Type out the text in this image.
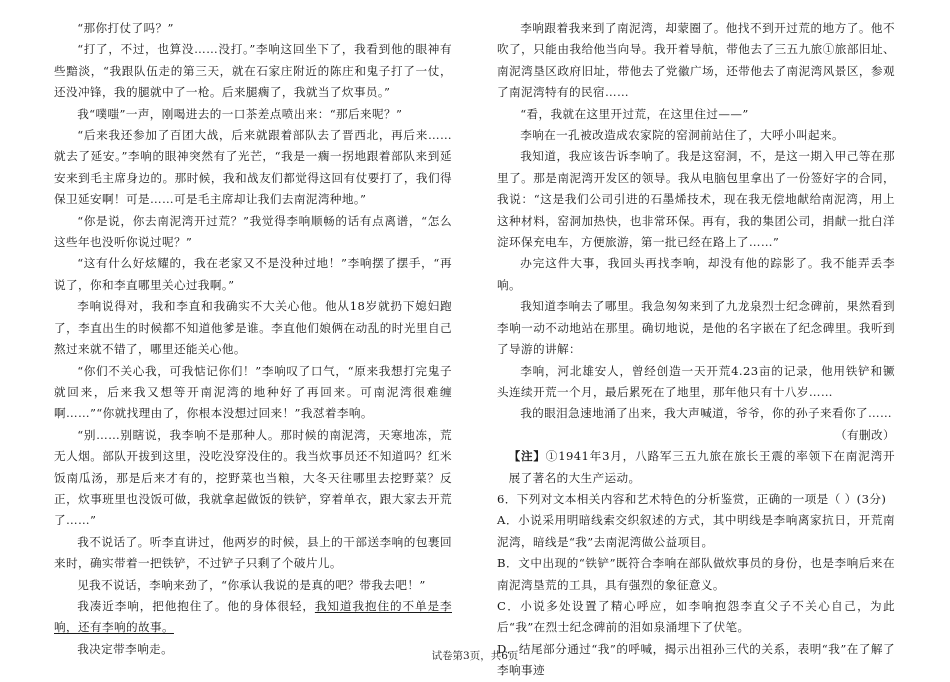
“那你打仗了吗？”

“打了，不过，也算没……没打。”李响这回坐下了，我看到他的眼神有些黯淡，“我跟队伍走的第三天，就在石家庄附近的陈庄和鬼子打了一仗，还没冲锋，我的腿就中了一枪。后来腿瘸了，我就当了炊事员。”

我“噗嗤”一声，刚喝进去的一口茶差点喷出来：“那后来呢？”

“后来我还参加了百团大战，后来就跟着部队去了晋西北，再后来……就去了延安。”李响的眼神突然有了光芒，“我是一瘸一拐地跟着部队来到延安来到毛主席身边的。那时候，我和战友们都觉得这回有仗要打了，我们得保卫延安啊！可是……可是毛主席却让我们去南泥湾种地。”

“你是说，你去南泥湾开过荒？”我觉得李响顺畅的话有点离谱，“怎么这些年也没听你说过呢？”

“这有什么好炫耀的，我在老家又不是没种过地！”李响摆了摆手，“再说了，你和李直哪里关心过我啊。”

李响说得对，我和李直和我确实不大关心他。他从18岁就扔下媳妇跑了，李直出生的时候都不知道他爹是谁。李直他们娘俩在动乱的时光里自己熬过来就不错了，哪里还能关心他。

“你们不关心我，可我惦记你们！”李响叹了口气，“原来我想打完鬼子就回来，后来我又想等开南泥湾的地种好了再回来。可南泥湾很难缠啊……”“你就找理由了，你根本没想过回来！”我怼着李响。

“别……别瞎说，我李响不是那种人。那时候的南泥湾，天寒地冻，荒无人烟。部队开拔到这里，没吃没穿没住的。我当炊事员还不知道吗？红米饭南瓜汤，那是后来才有的，挖野菜也当粮，大冬天往哪里去挖野菜？反正，炊事班里也没饭可做，我就拿起做饭的铁铲，穿着单衣，跟大家去开荒了……”

我不说话了。听李直讲过，他两岁的时候，县上的干部送李响的包裹回来时，确实带着一把铁铲，不过铲子只剩了个破片儿。

见我不说话，李响来劲了，“你承认我说的是真的吧？带我去吧！”

我凑近李响，把他抱住了。他的身体很轻，我知道我抱住的不单是李响，还有李响的故事。

我决定带李响走。

李响跟着我来到了南泥湾，却蒙圈了。他找不到开过荒的地方了。他不吹了，只能由我给他当向导。我开着导航，带他去了三五九旅①旅部旧址、南泥湾垦区政府旧址，带他去了党徽广场，还带他去了南泥湾风景区，参观了南泥湾特有的民宿……

“看，我就在这里开过荒，在这里住过——”

李响在一孔被改造成农家院的窑洞前站住了，大呼小叫起来。

我知道，我应该告诉李响了。我是这窑洞，不，是这一期入甲己等在那里了。那是南泥湾开发区的领导。我从电脑包里拿出了一份签好字的合同，我说：“这是我们公司引进的石墨烯技术，现在我无偿地献给南泥湾，用上这种材料，窑洞加热快，也非常环保。再有，我的集团公司，捐献一批白洋淀环保充电车，方便旅游，第一批已经在路上了……”

办完这件大事，我回头再找李响，却没有他的踪影了。我不能弄丢李响。

我知道李响去了哪里。我急匆匆来到了九龙泉烈士纪念碑前，果然看到李响一动不动地站在那里。确切地说，是他的名字嵌在了纪念碑里。我听到了导游的讲解：

李响，河北雄安人，曾经创造一天开荒4.23亩的记录，他用铁铲和镢头连续开荒一个月，最后累死在了地里，那年他只有十八岁……

我的眼泪急速地涌了出来，我大声喊道，爷爷，你的孙子来看你了……

（有删改）

【注】①1941年3月，八路军三五九旅在旅长王震的率领下在南泥湾开展了著名的大生产运动。

6．下列对文本相关内容和艺术特色的分析鉴赏，正确的一项是（ ）(3分)

A．小说采用明暗线索交织叙述的方式，其中明线是李响离家抗日，开荒南泥湾，暗线是“我”去南泥湾做公益项目。

B．文中出现的“铁铲”既符合李响在部队做炊事员的身份，也是李响后来在南泥湾垦荒的工具，具有强烈的象征意义。

C．小说多处设置了精心呼应，如李响抱怨李直父子不关心自己，为此后“我”在烈士纪念碑前的泪如泉涌埋下了伏笔。

D．结尾部分通过“我”的呼喊，揭示出祖孙三代的关系，表明“我”在了解了李响事迹

试卷第3页，共6页
